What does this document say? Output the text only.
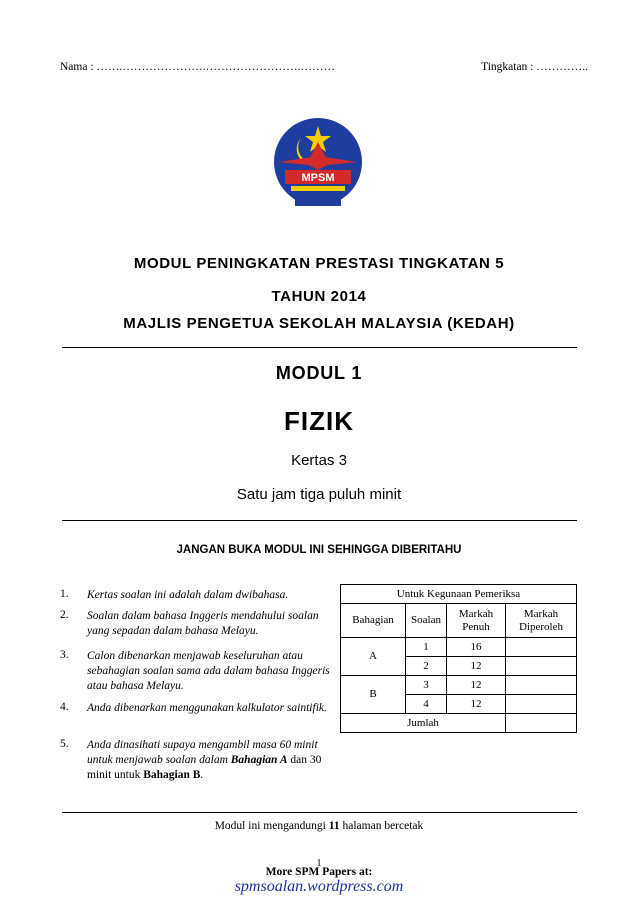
Nama : …….………………….…………………….………	Tingkatan : …………..
MPSM
MODUL PENINGKATAN PRESTASI TINGKATAN 5
TAHUN 2014
MAJLIS PENGETUA SEKOLAH MALAYSIA (KEDAH)
MODUL 1
FIZIK
Kertas 3
Satu jam tiga puluh minit
JANGAN BUKA MODUL INI SEHINGGA DIBERITAHU
1. Kertas soalan ini adalah dalam dwibahasa.
2. Soalan dalam bahasa Inggeris mendahului soalan yang sepadan dalam bahasa Melayu.
3. Calon dibenarkan menjawab keseluruhan atau sebahagian soalan sama ada dalam bahasa Inggeris atau bahasa Melayu.
4. Anda dibenarkan menggunakan kalkulator saintifik.
5. Anda dinasihati supaya mengambil masa 60 minit untuk menjawab soalan dalam Bahagian A dan 30 minit untuk Bahagian B.
Untuk Kegunaan Pemeriksa			
Bahagian	Soalan	Markah Penuh	Markah Diperoleh
A	1	16	
	2	12	
B	3	12	
	4	12	
Jumlah			
Modul ini mengandungi 11 halaman bercetak
1
More SPM Papers at:
spmsoalan.wordpress.com
